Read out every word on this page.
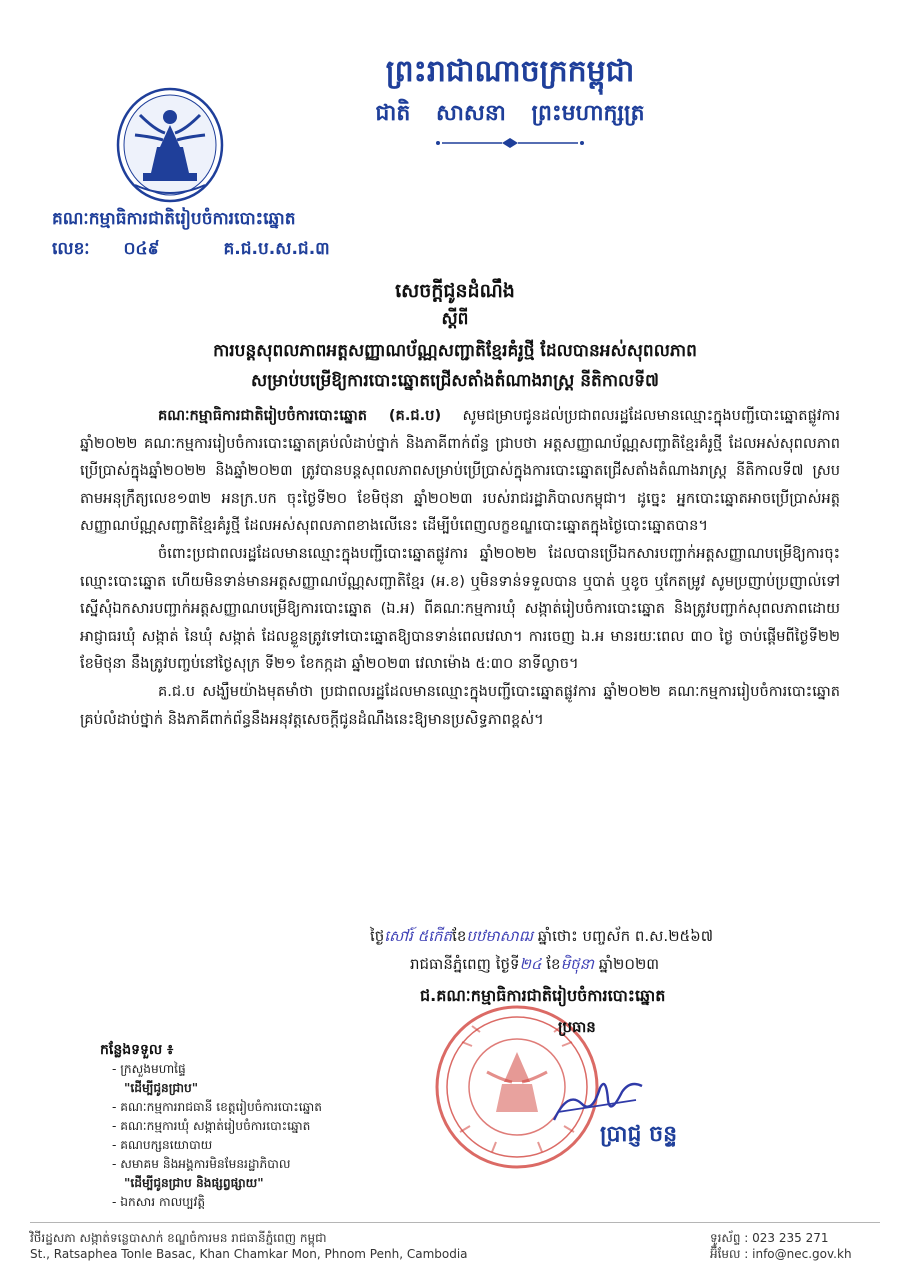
ព្រះរាជាណាចក្រកម្ពុជា
ជាតិ សាសនា ព្រះមហាក្សត្រ
គណៈកម្មាធិការជាតិរៀបចំការបោះឆ្នោត
លេខៈ ០៤៩	គ.ជ.ប.ស.ជ.៣
សេចក្តីជូនដំណឹង
ស្តីពី
ការបន្តសុពលភាពអត្តសញ្ញាណប័ណ្ណសញ្ជាតិខ្មែរគំរូថ្មី ដែលបានអស់សុពលភាព
សម្រាប់បម្រើឱ្យការបោះឆ្នោតជ្រើសតាំងតំណាងរាស្ត្រ នីតិកាលទី៧

គណៈកម្មាធិការជាតិរៀបចំការបោះឆ្នោត (គ.ជ.ប) សូមជម្រាបជូនដល់ប្រជាពលរដ្ឋដែលមានឈ្មោះក្នុងបញ្ជីបោះឆ្នោតផ្លូវការ ឆ្នាំ២០២២ គណៈកម្មការរៀបចំការបោះឆ្នោតគ្រប់លំដាប់ថ្នាក់ និងភាគីពាក់ព័ន្ធ ជ្រាបថា អត្តសញ្ញាណប័ណ្ណសញ្ជាតិខ្មែរគំរូថ្មី ដែលអស់សុពលភាពប្រើប្រាស់ក្នុងឆ្នាំ២០២២ និងឆ្នាំ២០២៣ ត្រូវបានបន្តសុពលភាពសម្រាប់ប្រើប្រាស់ក្នុងការបោះឆ្នោតជ្រើសតាំងតំណាងរាស្ត្រ នីតិកាលទី៧ ស្របតាមអនុក្រឹត្យលេខ១៣២ អនក្រ.បក ចុះថ្ងៃទី២០ ខែមិថុនា ឆ្នាំ២០២៣ របស់រាជរដ្ឋាភិបាលកម្ពុជា។ ដូច្នេះ អ្នកបោះឆ្នោតអាចប្រើប្រាស់អត្តសញ្ញាណប័ណ្ណសញ្ជាតិខ្មែរគំរូថ្មី ដែលអស់សុពលភាពខាងលើនេះ ដើម្បីបំពេញលក្ខខណ្ឌបោះឆ្នោតក្នុងថ្ងៃបោះឆ្នោតបាន។

ចំពោះប្រជាពលរដ្ឋដែលមានឈ្មោះក្នុងបញ្ជីបោះឆ្នោតផ្លូវការ ឆ្នាំ២០២២ ដែលបានប្រើឯកសារបញ្ជាក់អត្តសញ្ញាណបម្រើឱ្យការចុះឈ្មោះបោះឆ្នោត ហើយមិនទាន់មានអត្តសញ្ញាណប័ណ្ណសញ្ជាតិខ្មែរ (អ.ខ) ឬមិនទាន់ទទួលបាន ឬបាត់ ឬខូច ឬកែតម្រូវ សូមប្រញាប់ប្រញាល់ទៅស្នើសុំឯកសារបញ្ជាក់អត្តសញ្ញាណបម្រើឱ្យការបោះឆ្នោត (ឯ.អ) ពីគណៈកម្មការឃុំ សង្កាត់រៀបចំការបោះឆ្នោត និងត្រូវបញ្ជាក់សុពលភាពដោយអាជ្ញាធរឃុំ សង្កាត់ នៃឃុំ សង្កាត់ ដែលខ្លួនត្រូវទៅបោះឆ្នោតឱ្យបានទាន់ពេលវេលា។ ការចេញ ឯ.អ មានរយៈពេល ៣០ ថ្ងៃ ចាប់ផ្តើមពីថ្ងៃទី២២ ខែមិថុនា នឹងត្រូវបញ្ចប់នៅថ្ងៃសុក្រ ទី២១ ខែកក្កដា ឆ្នាំ២០២៣ វេលាម៉ោង ៥:៣០ នាទីល្ងាច។

គ.ជ.ប សង្ឃឹមយ៉ាងមុតមាំថា ប្រជាពលរដ្ឋដែលមានឈ្មោះក្នុងបញ្ជីបោះឆ្នោតផ្លូវការ ឆ្នាំ២០២២ គណៈកម្មការរៀបចំការបោះឆ្នោតគ្រប់លំដាប់ថ្នាក់ និងភាគីពាក់ព័ន្ធនឹងអនុវត្តសេចក្តីជូនដំណឹងនេះឱ្យមានប្រសិទ្ធភាពខ្ពស់។

ថ្ងៃសៅរ៍ ៥កើតខែបឋមាសាឍ ឆ្នាំថោះ បញ្ចស័ក ព.ស.២៥៦៧
រាជធានីភ្នំពេញ ថ្ងៃទី២៤ ខែមិថុនា ឆ្នាំ២០២៣
ជ.គណៈកម្មាធិការជាតិរៀបចំការបោះឆ្នោត
ប្រធាន
ប្រាជ្ញ ចន្ទ
កន្លែងទទួល ៖
- ក្រសួងមហាផ្ទៃ
"ដើម្បីជូនជ្រាប"
- គណៈកម្មការរាជធានី ខេត្តរៀបចំការបោះឆ្នោត
- គណៈកម្មការឃុំ សង្កាត់រៀបចំការបោះឆ្នោត
- គណបក្សនយោបាយ
- សមាគម និងអង្គការមិនមែនរដ្ឋាភិបាល
"ដើម្បីជូនជ្រាប និងផ្សព្វផ្សាយ"
- ឯកសារ កាលប្បវត្តិ
វិថីរដ្ឋសភា សង្កាត់ទន្លេបាសាក់ ខណ្ឌចំការមន រាជធានីភ្នំពេញ កម្ពុជា
St., Ratsaphea Tonle Basac, Khan Chamkar Mon, Phnom Penh, Cambodia
ទូរស័ព្ទ : 023 235 271
អ៊ីមែល : info@nec.gov.kh
